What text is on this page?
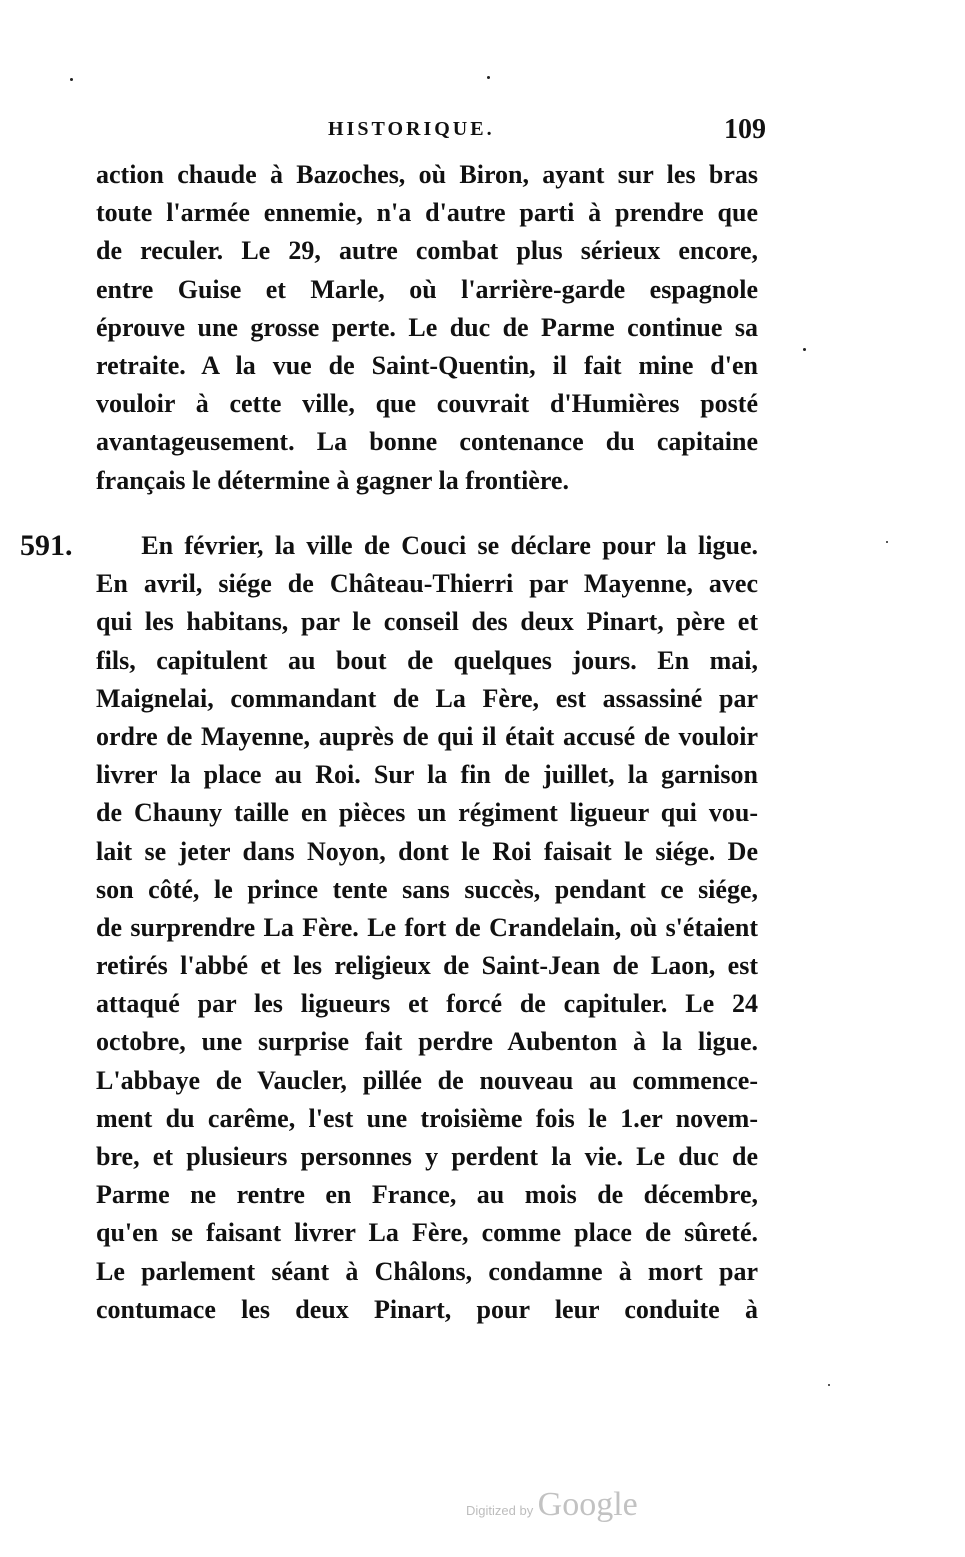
HISTORIQUE.	109
591.
action chaude à Bazoches, où Biron, ayant sur les bras
toute l'armée ennemie, n'a d'autre parti à prendre que
de reculer. Le 29, autre combat plus sérieux encore,
entre Guise et Marle, où l'arrière-garde espagnole
éprouve une grosse perte. Le duc de Parme continue sa
retraite. A la vue de Saint-Quentin, il fait mine d'en
vouloir à cette ville, que couvrait d'Humières posté
avantageusement. La bonne contenance du capitaine
français le détermine à gagner la frontière.
En février, la ville de Couci se déclare pour la ligue.
En avril, siége de Château-Thierri par Mayenne, avec
qui les habitans, par le conseil des deux Pinart, père et
fils, capitulent au bout de quelques jours. En mai,
Maignelai, commandant de La Fère, est assassiné par
ordre de Mayenne, auprès de qui il était accusé de vouloir
livrer la place au Roi. Sur la fin de juillet, la garnison
de Chauny taille en pièces un régiment ligueur qui vou-
lait se jeter dans Noyon, dont le Roi faisait le siége. De
son côté, le prince tente sans succès, pendant ce siége,
de surprendre La Fère. Le fort de Crandelain, où s'étaient
retirés l'abbé et les religieux de Saint-Jean de Laon, est
attaqué par les ligueurs et forcé de capituler. Le 24
octobre, une surprise fait perdre Aubenton à la ligue.
L'abbaye de Vaucler, pillée de nouveau au commence-
ment du carême, l'est une troisième fois le 1.er novem-
bre, et plusieurs personnes y perdent la vie. Le duc de
Parme ne rentre en France, au mois de décembre,
qu'en se faisant livrer La Fère, comme place de sûreté.
Le parlement séant à Châlons, condamne à mort par
contumace les deux Pinart, pour leur conduite à
Digitized by Google
